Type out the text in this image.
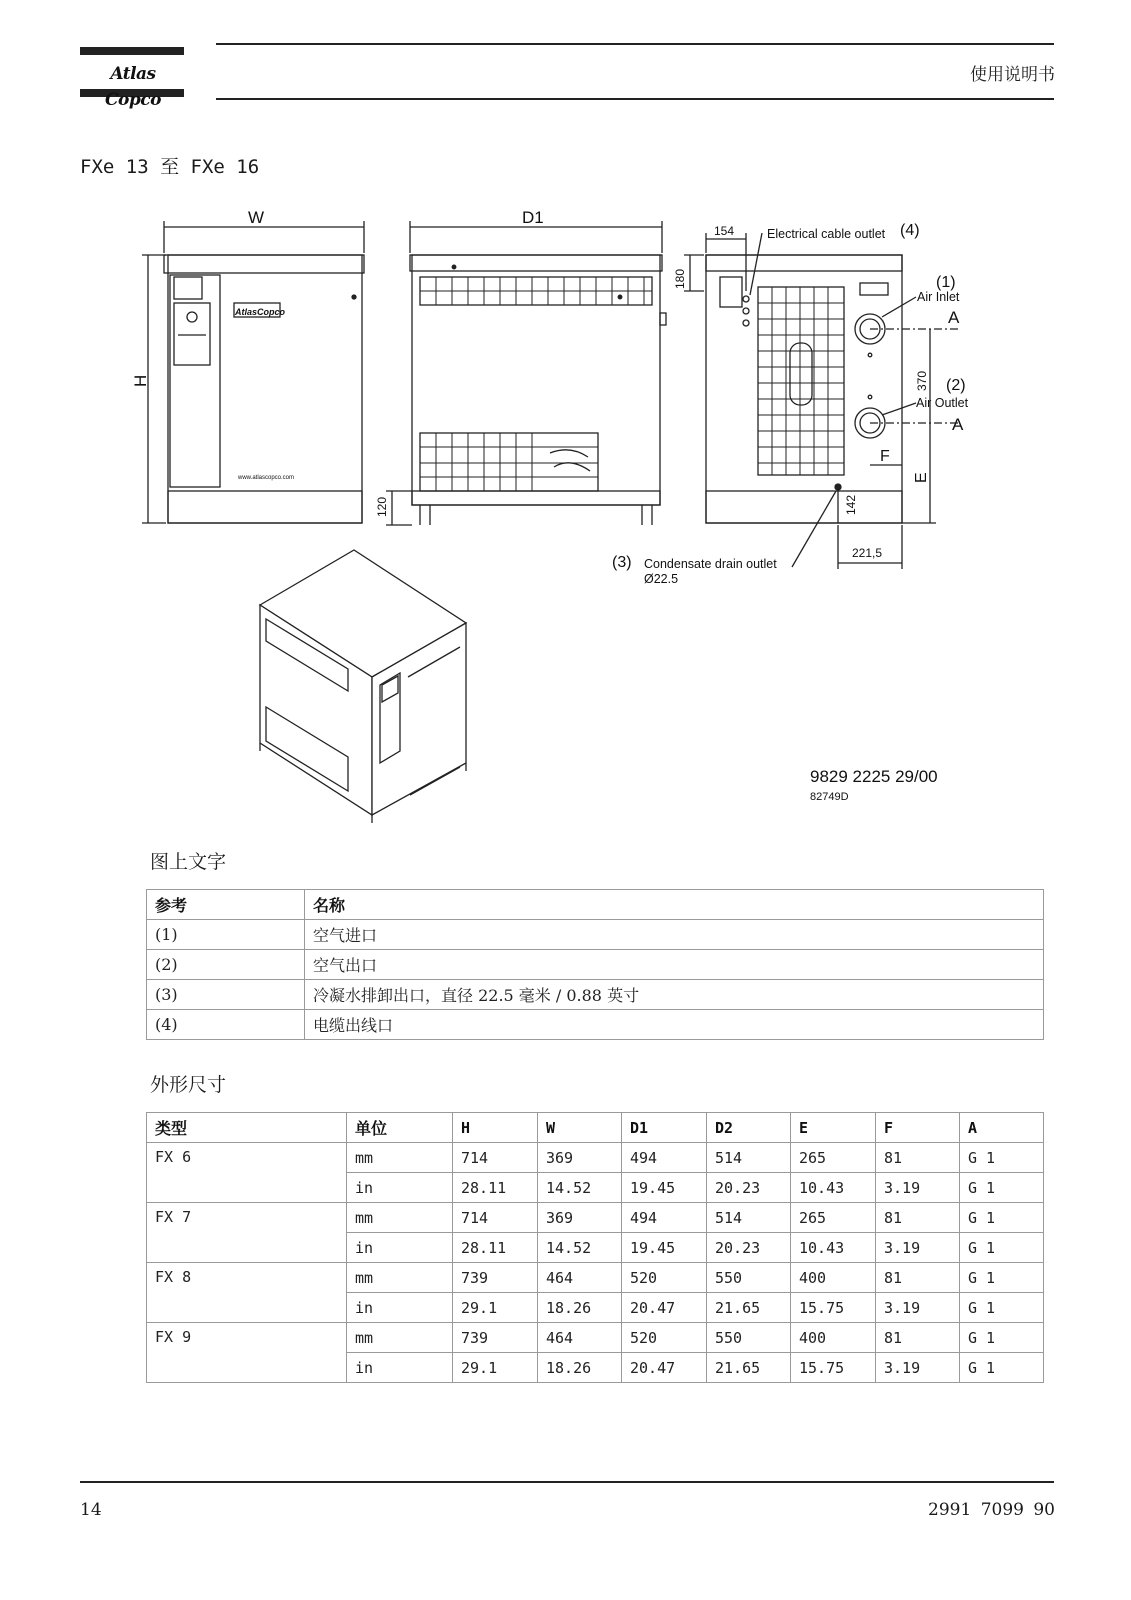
Atlas Copco
使用说明书
FXe 13 至 FXe 16
AtlasCopco
www.atlascopco.com
W
H
D1
120
154	Electrical cable outlet (4)
180	(1)
Air Inlet
A
(2)
Air Outlet
A
370
E
F
142
221,5
(3) Condensate drain outlet
Ø22.5
9829 2225 29/00
82749D
图上文字
参考	名称
(1)	空气进口
(2)	空气出口
(3)	冷凝水排卸出口，直径 22.5 毫米 / 0.88 英寸
(4)	电缆出线口
外形尺寸
类型	单位	H	W	D1	D2	E	F	A
FX 6	mm	714	369	494	514	265	81	G 1
	in	28.11	14.52	19.45	20.23	10.43	3.19	G 1
FX 7	mm	714	369	494	514	265	81	G 1
	in	28.11	14.52	19.45	20.23	10.43	3.19	G 1
FX 8	mm	739	464	520	550	400	81	G 1
	in	29.1	18.26	20.47	21.65	15.75	3.19	G 1
FX 9	mm	739	464	520	550	400	81	G 1
	in	29.1	18.26	20.47	21.65	15.75	3.19	G 1
14	2991 7099 90
